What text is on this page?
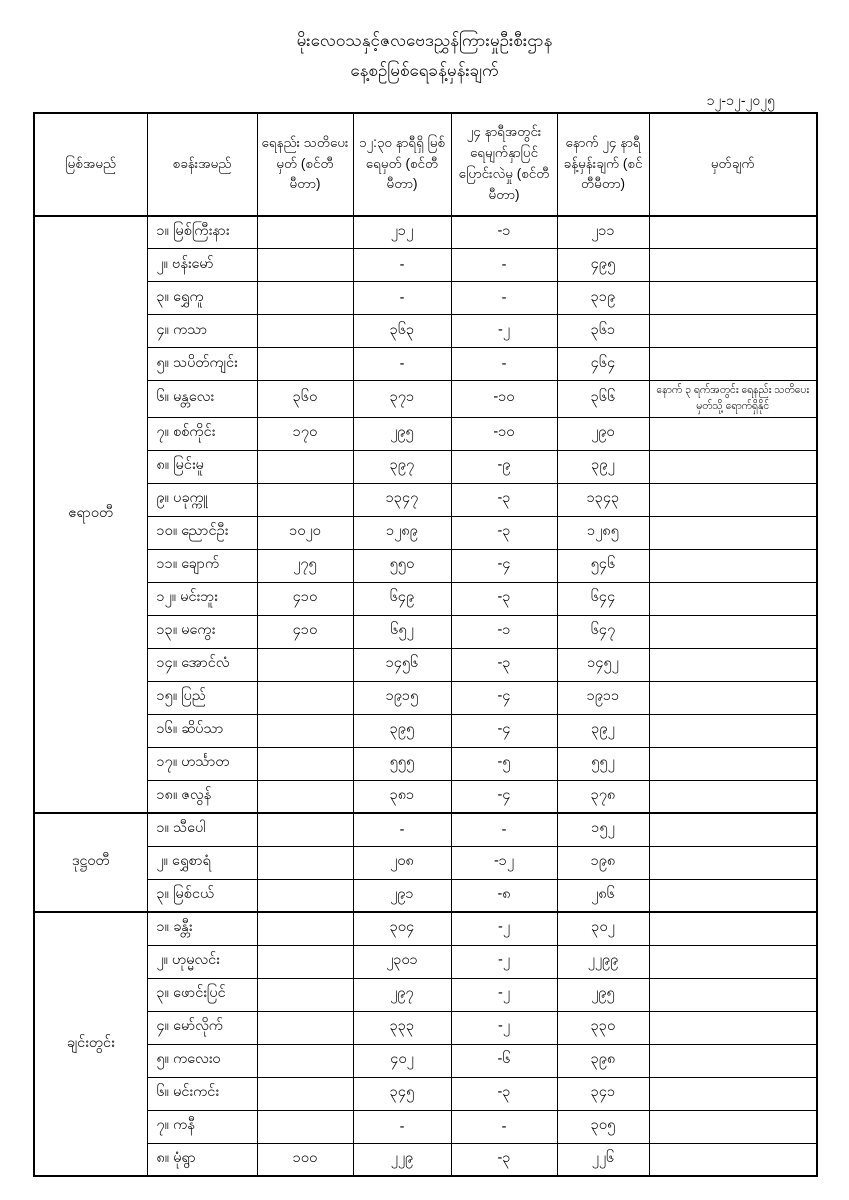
မိုးလေဝသနှင့်ဇလဗေဒညွှန်ကြားမှုဦးစီးဌာန
နေ့စဉ်မြစ်ရေခန့်မှန်းချက်
၁၂-၁၂-၂၀၂၅
မြစ်အမည်	စခန်းအမည်	ရေနည်း သတိပေးမှတ် (စင်တီမီတာ)	၁၂:၃၀ နာရီရှိ မြစ်ရေမှတ် (စင်တီမီတာ)	၂၄ နာရီအတွင်း ရေမျက်နှာပြင် ပြောင်းလဲမှု (စင်တီမီတာ)	နောက် ၂၄ နာရီ ခန့်မှန်းချက် (စင်တီမီတာ)	မှတ်ချက်
ဧရာဝတီ	၁။ မြစ်ကြီးနား		၂၁၂	-၁	၂၁၁	
	၂။ ဗန်းမော်		-	-	၄၉၅	
	၃။ ရွှေကူ		-	-	၃၁၉	
	၄။ ကသာ		၃၆၃	-၂	၃၆၁	
	၅။ သပိတ်ကျင်း		-	-	၄၆၄	
	၆။ မန္တလေး	၃၆၀	၃၇၁	-၁၀	၃၆၆	နောက် ၃ ရက်အတွင်း ရေနည်း သတိပေးမှတ်သို့ ရောက်ရှိနိုင်
	၇။ စစ်ကိုင်း	၁၇၀	၂၉၅	-၁၀	၂၉၀	
	၈။ မြင်းမူ		၃၉၇	-၉	၃၉၂	
	၉။ ပခုက္ကူ		၁၃၄၇	-၃	၁၃၄၃	
	၁၀။ ညောင်ဦး	၁၀၂၀	၁၂၈၉	-၃	၁၂၈၅	
	၁၁။ ချောက်	၂၇၅	၅၅၀	-၄	၅၄၆	
	၁၂။ မင်းဘူး	၄၁၀	၆၄၉	-၃	၆၄၄	
	၁၃။ မကွေး	၄၁၀	၆၅၂	-၁	၆၄၇	
	၁၄။ အောင်လံ		၁၄၅၆	-၃	၁၄၅၂	
	၁၅။ ပြည်		၁၉၁၅	-၄	၁၉၁၁	
	၁၆။ ဆိပ်သာ		၃၉၅	-၄	၃၉၂	
	၁၇။ ဟင်္သာတ		၅၅၅	-၅	၅၅၂	
	၁၈။ ဇလွန်		၃၈၁	-၄	၃၇၈	
ဒုဋ္ဌဝတီ	၁။ သီပေါ		-	-	၁၅၂	
	၂။ ရွှေစာရံ		၂၀၈	-၁၂	၁၉၈	
	၃။ မြစ်ငယ်		၂၉၁	-၈	၂၈၆	
ချင်းတွင်း	၁။ ခန္တီး		၃၀၄	-၂	၃၀၂	
	၂။ ဟုမ္မလင်း		၂၃၀၁	-၂	၂၂၉၉	
	၃။ ဖောင်းပြင်		၂၉၇	-၂	၂၉၅	
	၄။ မော်လိုက်		၃၃၃	-၂	၃၃၀	
	၅။ ကလေးဝ		၄၀၂	-၆	၃၉၈	
	၆။ မင်းကင်း		၃၄၅	-၃	၃၄၁	
	၇။ ကနီ		-	-	၃၀၅	
	၈။ မုံရွာ	၁၀၀	၂၂၉	-၃	၂၂၆	
